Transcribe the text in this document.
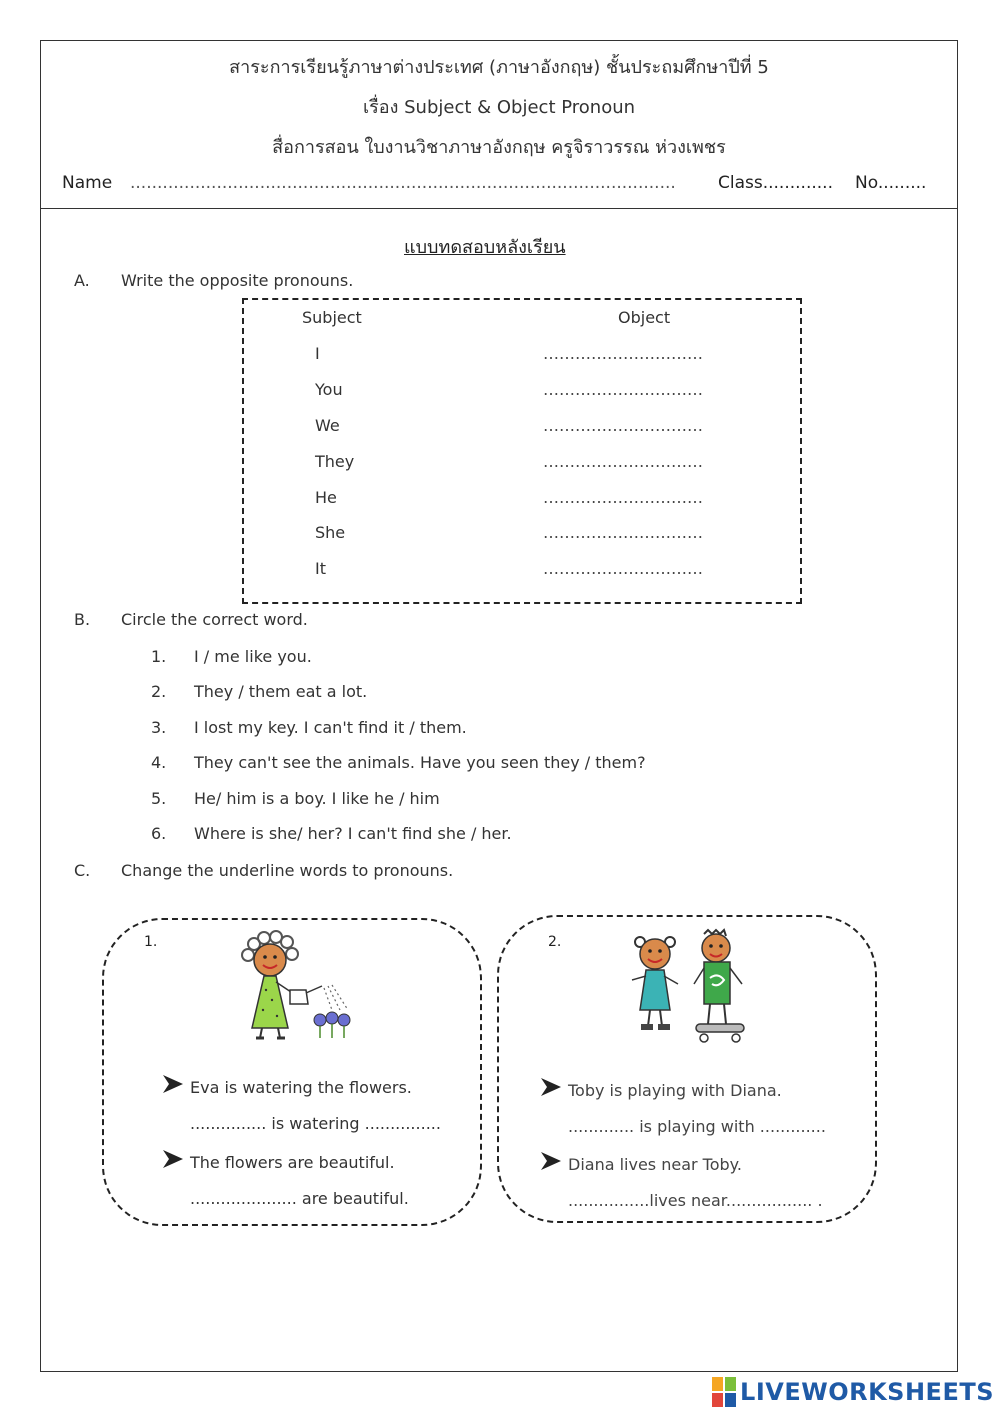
สาระการเรียนรู้ภาษาต่างประเทศ (ภาษาอังกฤษ) ชั้นประถมศึกษาปีที่ 5
เรื่อง Subject & Object Pronoun
สื่อการสอน ใบงานวิชาภาษาอังกฤษ ครูจิราวรรณ ห่วงเพชร
Name ..................................................................................................... Class............. No.........
แบบทดสอบหลังเรียน
A. Write the opposite pronouns.
Subject	Object
I	…………………………
You	…………………………
We	…………………………
They	…………………………
He	…………………………
She	…………………………
It	…………………………
B. Circle the correct word.
1. I / me like you.
2. They / them eat a lot.
3. I lost my key. I can't find it / them.
4. They can't see the animals. Have you seen they / them?
5. He/ him is a boy. I like he / him
6. Where is she/ her? I can't find she / her.
C. Change the underline words to pronouns.
1.
Eva is watering the flowers.
............... is watering ...............
The flowers are beautiful.
..................... are beautiful.
2.
Toby is playing with Diana.
............. is playing with .............
Diana lives near Toby.
................lives near................. .
LIVEWORKSHEETS
